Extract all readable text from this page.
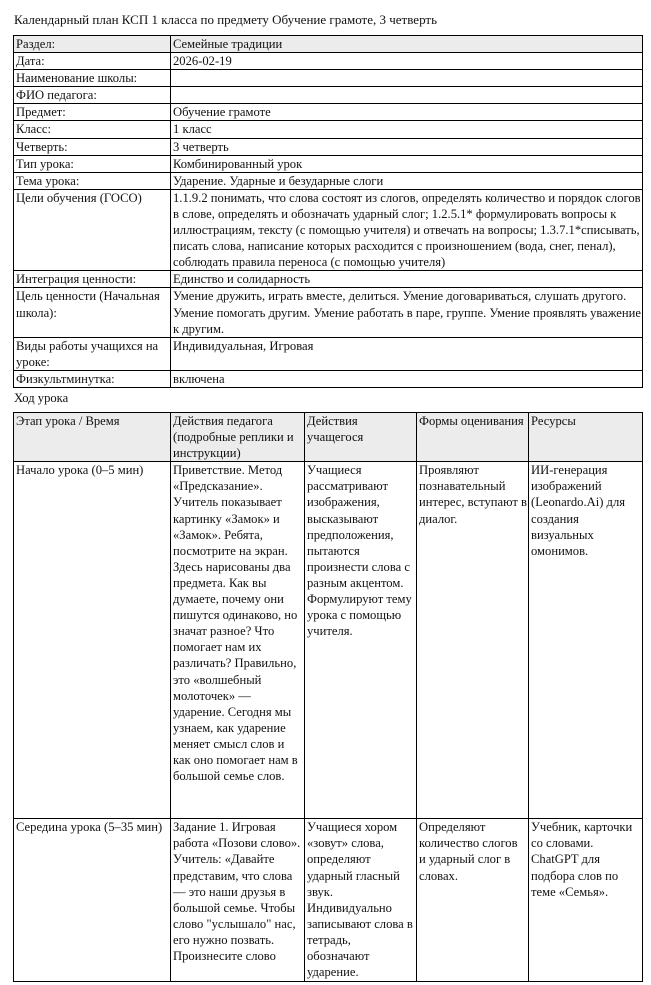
Календарный план КСП 1 класса по предмету Обучение грамоте, 3 четверть
Раздел:	Семейные традиции
Дата:	2026-02-19
Наименование школы:	
ФИО педагога:	
Предмет:	Обучение грамоте
Класс:	1 класс
Четверть:	3 четверть
Тип урока:	Комбинированный урок
Тема урока:	Ударение. Ударные и безударные слоги
Цели обучения (ГОСО)	1.1.9.2 понимать, что слова состоят из слогов, определять количество и порядок слогов в слове, определять и обозначать ударный слог; 1.2.5.1* формулировать вопросы к иллюстрациям, тексту (с помощью учителя) и отвечать на вопросы; 1.3.7.1*списывать, писать слова, написание которых расходится с произношением (вода, снег, пенал), соблюдать правила переноса (с помощью учителя)
Интеграция ценности:	Единство и солидарность
Цель ценности (Начальная школа):	Умение дружить, играть вместе, делиться. Умение договариваться, слушать другого. Умение помогать другим. Умение работать в паре, группе. Умение проявлять уважение к другим.
Виды работы учащихся на уроке:	Индивидуальная, Игровая
Физкультминутка:	включена
Ход урока
Этап урока / Время	Действия педагога (подробные реплики и инструкции)	Действия учащегося	Формы оценивания	Ресурсы
Начало урока (0–5 мин)	Приветствие. Метод «Предсказание». Учитель показывает картинку «Замок» и «Замок». Ребята, посмотрите на экран. Здесь нарисованы два предмета. Как вы думаете, почему они пишутся одинаково, но значат разное? Что помогает нам их различать? Правильно, это «волшебный молоточек» — ударение. Сегодня мы узнаем, как ударение меняет смысл слов и как оно помогает нам в большой семье слов.	Учащиеся рассматривают изображения, высказывают предположения, пытаются произнести слова с разным акцентом. Формулируют тему урока с помощью учителя.	Проявляют познавательный интерес, вступают в диалог.	ИИ-генерация изображений (Leonardo.Ai) для создания визуальных омонимов.
Середина урока (5–35 мин)	Задание 1. Игровая работа «Позови слово». Учитель: «Давайте представим, что слова — это наши друзья в большой семье. Чтобы слово "услышало" нас, его нужно позвать. Произнесите слово	Учащиеся хором «зовут» слова, определяют ударный гласный звук. Индивидуально записывают слова в тетрадь, обозначают ударение.	Определяют количество слогов и ударный слог в словах.	Учебник, карточки со словами. ChatGPT для подбора слов по теме «Семья».
